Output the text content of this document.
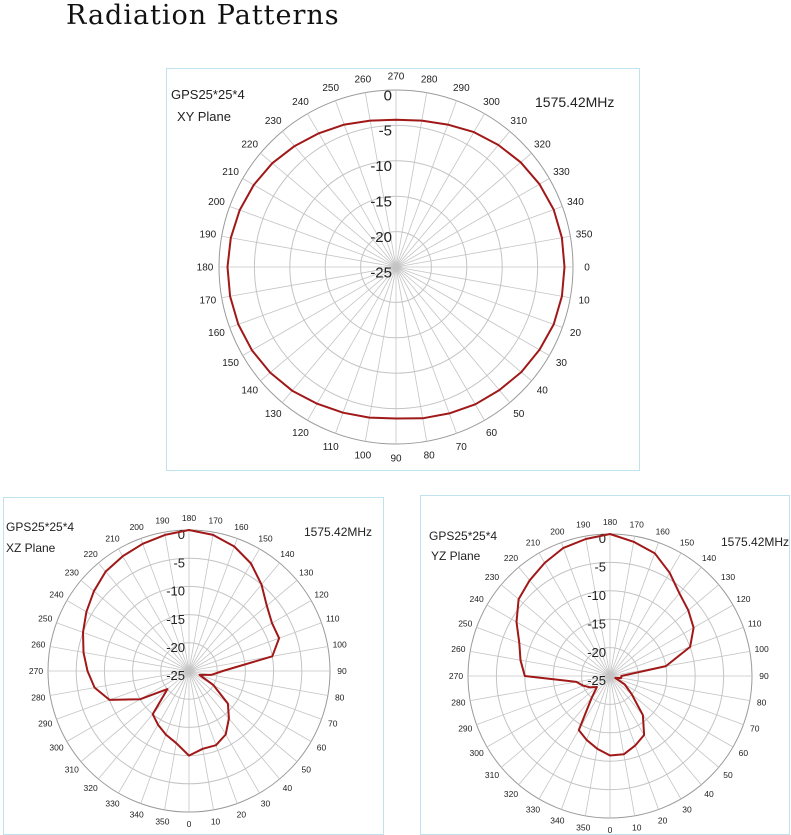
Radiation Patterns
0
-5
-10
-15
-20
-25	0
10
20
30
40
50
60
70
80
90
100
110
120
130
140
150
160
170
180
190
200
210
220
230
240
250
260 270 280
290
300
310
320
330
340
350
GPS25*25*4
XY Plane
1575.42MHz
0
-5
-10
-15
-20
-25	90
80
70
60
50
40
30
20
10
0
350
340
330
320
310
300
290
280
270
260
250
240
230
220
210
200
190 180 170
160
150
140
130
120
110
100
GPS25*25*4
XZ Plane
1575.42MHz	0
-5
-10
-15
-20
-25	90
80
70
60
50
40
30
20
10
0
350
340
330
320
310
300
290
280
270
260
250
240
230
220
210
200
190 180 170
160
150
140
130
120
110
100
GPS25*25*4
YZ Plane
1575.42MHz
